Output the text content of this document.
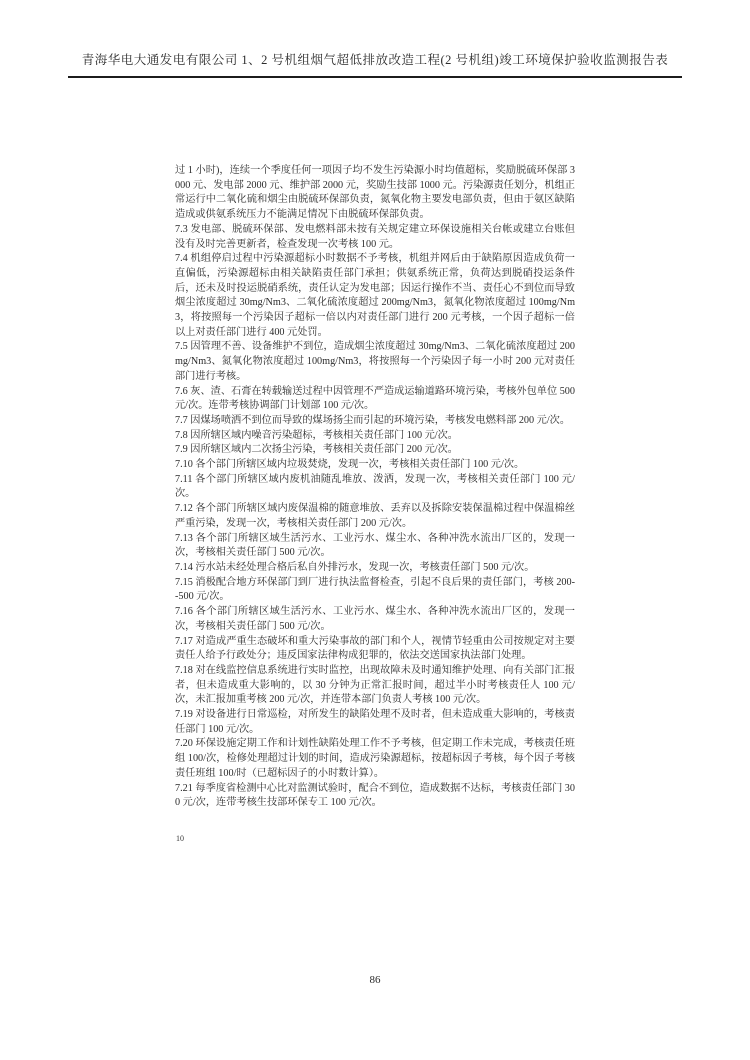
青海华电大通发电有限公司 1、2 号机组烟气超低排放改造工程(2 号机组)竣工环境保护验收监测报告表

过 1 小时)，连续一个季度任何一项因子均不发生污染源小时均值超标，奖励脱硫环保部 3000 元、发电部 2000 元、维护部 2000 元，奖励生技部 1000 元。污染源责任划分，机组正常运行中二氧化硫和烟尘由脱硫环保部负责，氮氧化物主要发电部负责，但由于氨区缺陷造成或供氨系统压力不能满足情况下由脱硫环保部负责。

7.3 发电部、脱硫环保部、发电燃料部未按有关规定建立环保设施相关台帐或建立台账但没有及时完善更新者，检查发现一次考核 100 元。

7.4 机组停启过程中污染源超标小时数据不予考核，机组并网后由于缺陷原因造成负荷一直偏低，污染源超标由相关缺陷责任部门承担；供氨系统正常，负荷达到脱硝投运条件后，还未及时投运脱硝系统，责任认定为发电部；因运行操作不当、责任心不到位而导致烟尘浓度超过 30mg/Nm3、二氧化硫浓度超过 200mg/Nm3，氮氧化物浓度超过 100mg/Nm3，将按照每一个污染因子超标一倍以内对责任部门进行 200 元考核，一个因子超标一倍以上对责任部门进行 400 元处罚。

7.5 因管理不善、设备维护不到位，造成烟尘浓度超过 30mg/Nm3、二氧化硫浓度超过 200mg/Nm3、氮氧化物浓度超过 100mg/Nm3，将按照每一个污染因子每一小时 200 元对责任部门进行考核。

7.6 灰、渣、石膏在转载输送过程中因管理不严造成运输道路环境污染，考核外包单位 500 元/次。连带考核协调部门计划部 100 元/次。

7.7 因煤场喷洒不到位而导致的煤场扬尘而引起的环境污染，考核发电燃料部 200 元/次。

7.8 因所辖区域内噪音污染超标，考核相关责任部门 100 元/次。

7.9 因所辖区域内二次扬尘污染，考核相关责任部门 200 元/次。

7.10 各个部门所辖区域内垃圾焚烧，发现一次，考核相关责任部门 100 元/次。

7.11 各个部门所辖区域内废机油随乱堆放、泼洒，发现一次，考核相关责任部门 100 元/次。

7.12 各个部门所辖区域内废保温棉的随意堆放、丢弃以及拆除安装保温棉过程中保温棉丝严重污染，发现一次，考核相关责任部门 200 元/次。

7.13 各个部门所辖区域生活污水、工业污水、煤尘水、各种冲洗水流出厂区的，发现一次，考核相关责任部门 500 元/次。

7.14 污水站未经处理合格后私自外排污水，发现一次，考核责任部门 500 元/次。

7.15 消极配合地方环保部门到厂进行执法监督检查，引起不良后果的责任部门，考核 200--500 元/次。

7.16 各个部门所辖区域生活污水、工业污水、煤尘水、各种冲洗水流出厂区的，发现一次，考核相关责任部门 500 元/次。

7.17 对造成严重生态破坏和重大污染事故的部门和个人，视情节轻重由公司按规定对主要责任人给予行政处分；违反国家法律构成犯罪的，依法交送国家执法部门处理。

7.18 对在线监控信息系统进行实时监控，出现故障未及时通知维护处理、向有关部门汇报者，但未造成重大影响的，以 30 分钟为正常汇报时间，超过半小时考核责任人 100 元/次，未汇报加重考核 200 元/次，并连带本部门负责人考核 100 元/次。

7.19 对设备进行日常巡检，对所发生的缺陷处理不及时者，但未造成重大影响的，考核责任部门 100 元/次。

7.20 环保设施定期工作和计划性缺陷处理工作不予考核，但定期工作未完成，考核责任班组 100/次，检修处理超过计划的时间，造成污染源超标，按超标因子考核，每个因子考核责任班组 100/时（已超标因子的小时数计算）。

7.21 每季度省检测中心比对监测试验时，配合不到位，造成数据不达标，考核责任部门 300 元/次，连带考核生技部环保专工 100 元/次。

10
86
